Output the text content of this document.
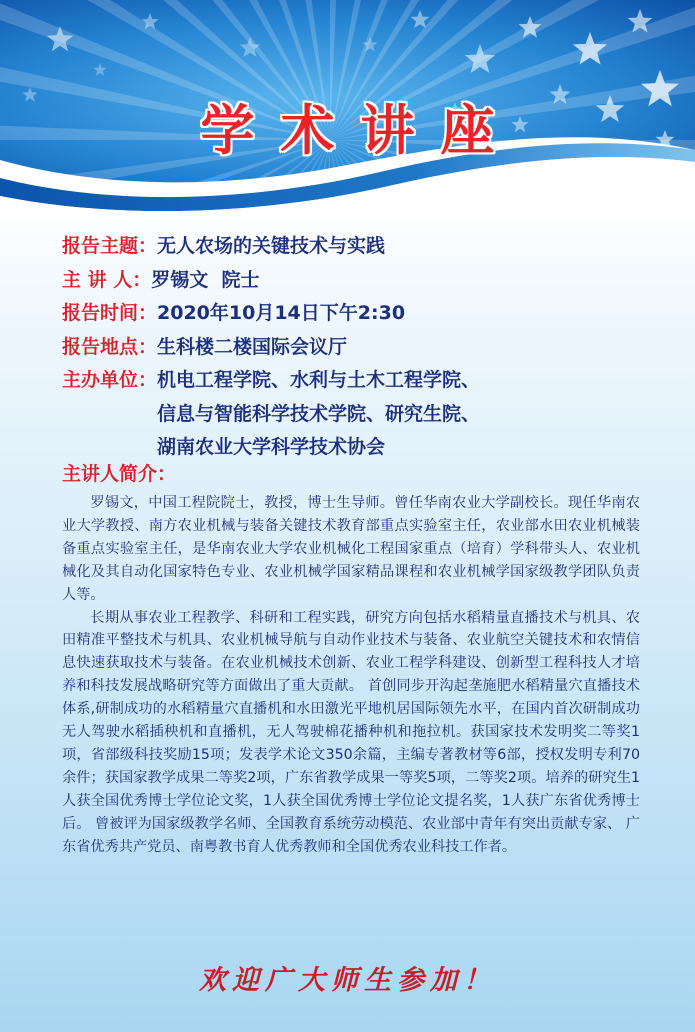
学术讲座
报告主题： 无人农场的关键技术与实践
主 讲 人： 罗锡文  院士
报告时间： 2020年10月14日下午2:30
报告地点： 生科楼二楼国际会议厅
主办单位： 机电工程学院、水利与土木工程学院、
信息与智能科学技术学院、研究生院、
湖南农业大学科学技术协会
主讲人简介：

罗锡文，中国工程院院士，教授，博士生导师。曾任华南农业大学副校长。现任华南农业大学教授、南方农业机械与装备关键技术教育部重点实验室主任，农业部水田农业机械装备重点实验室主任，是华南农业大学农业机械化工程国家重点（培育）学科带头人、农业机械化及其自动化国家特色专业、农业机械学国家精品课程和农业机械学国家级教学团队负责人等。

长期从事农业工程教学、科研和工程实践，研究方向包括水稻精量直播技术与机具、农田精准平整技术与机具、农业机械导航与自动作业技术与装备、农业航空关键技术和农情信息快速获取技术与装备。在农业机械技术创新、农业工程学科建设、创新型工程科技人才培养和科技发展战略研究等方面做出了重大贡献。 首创同步开沟起垄施肥水稻精量穴直播技术体系,研制成功的水稻精量穴直播机和水田激光平地机居国际领先水平，在国内首次研制成功无人驾驶水稻插秧机和直播机，无人驾驶棉花播种机和拖拉机。获国家技术发明奖二等奖1项，省部级科技奖励15项；发表学术论文350余篇，主编专著教材等6部，授权发明专利70余件；获国家教学成果二等奖2项，广东省教学成果一等奖5项，二等奖2项。培养的研究生1人获全国优秀博士学位论文奖，1人获全国优秀博士学位论文提名奖，1人获广东省优秀博士后。 曾被评为国家级教学名师、全国教育系统劳动模范、农业部中青年有突出贡献专家、 广东省优秀共产党员、南粤教书育人优秀教师和全国优秀农业科技工作者。

欢迎广大师生参加！
